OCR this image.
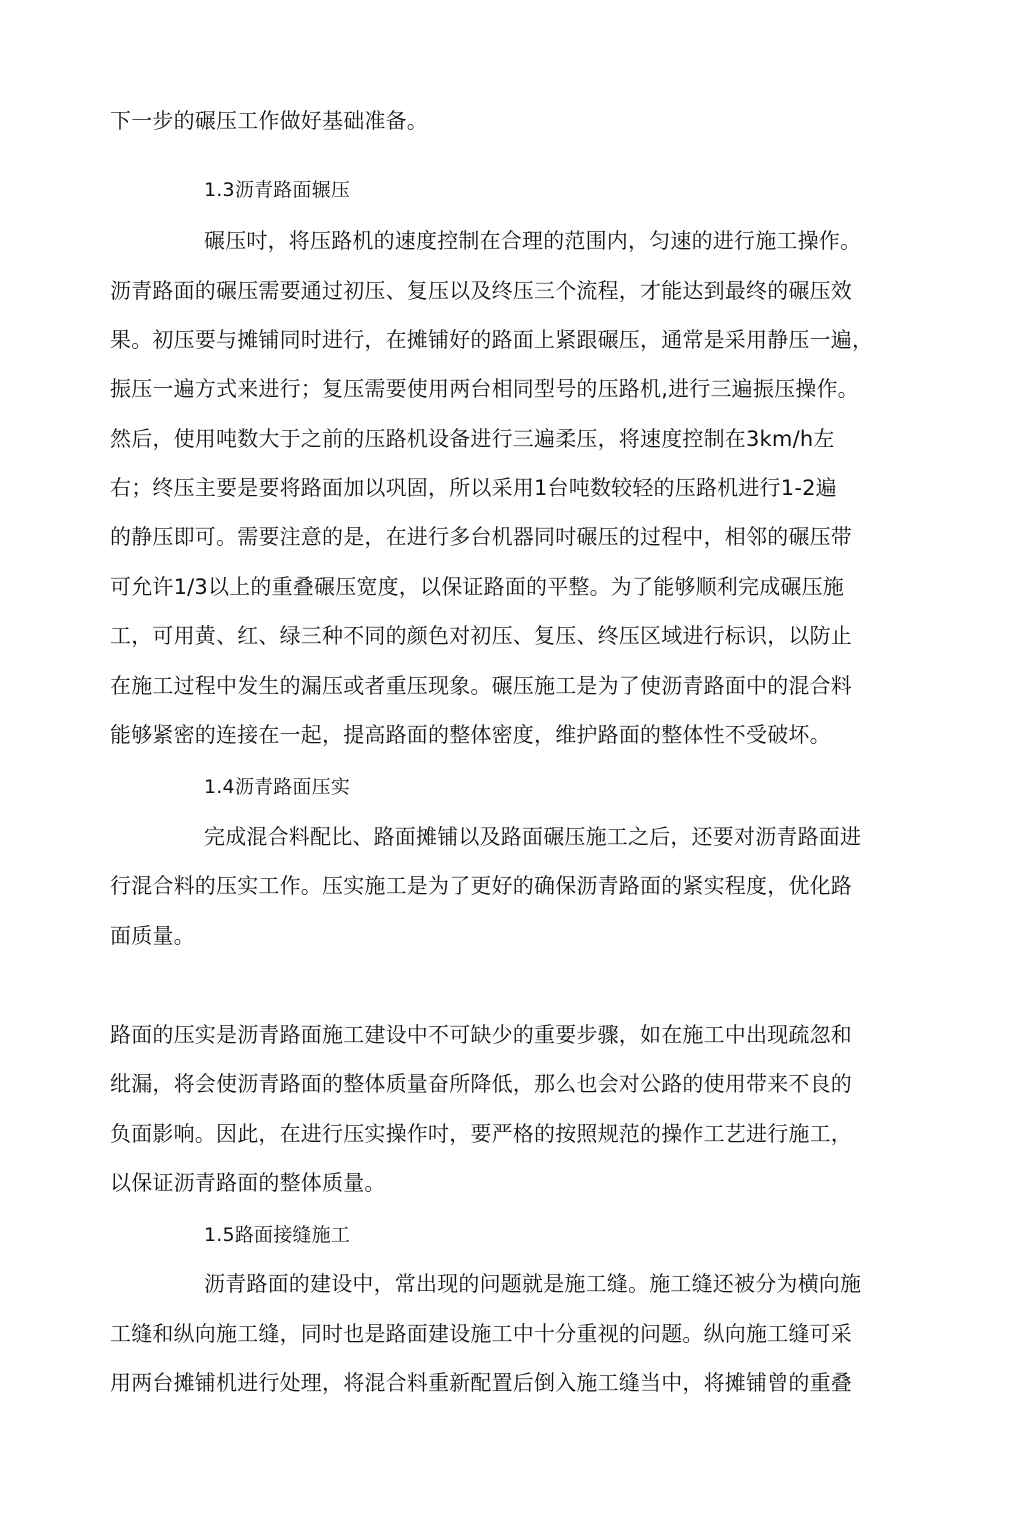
下一步的碾压工作做好基础准备。
1.3沥青路面辗压
碾压吋，将压路机的速度控制在合理的范围内，匀速的进行施工操作。
沥青路面的碾压需要通过初压、复压以及终压三个流程，才能达到最终的碾压效
果。初压要与摊铺同时进行，在摊铺好的路面上紧跟碾压，通常是采用静压一遍，
振压一遍方式来进行；复压需要使用两台相同型号的压路机,进行三遍振压操作。
然后，使用吨数大于之前的压路机设备进行三遍柔压，将速度控制在3km/h左
右；终压主要是要将路面加以巩固，所以采用1台吨数较轻的压路机进行1-2遍
的静压即可。需要注意的是，在进行多台机器同吋碾压的过程中，相邻的碾压带
可允许1/3以上的重叠碾压宽度，以保证路面的平整。为了能够顺利完成碾压施
工，可用黄、红、绿三种不同的颜色对初压、复压、终压区域进行标识，以防止
在施工过程中发生的漏压或者重压现象。碾压施工是为了使沥青路面中的混合料
能够紧密的连接在一起，提高路面的整体密度，维护路面的整体性不受破坏。
1.4沥青路面压实
完成混合料配比、路面摊铺以及路面碾压施工之后，还要对沥青路面进
行混合料的压实工作。压实施工是为了更好的确保沥青路面的紧实程度，优化路
面质量。
路面的压实是沥青路面施工建设中不可缺少的重要步骤，如在施工中出现疏忽和
纰漏，将会使沥青路面的整体质量奋所降低，那么也会对公路的使用带来不良的
负面影响。因此，在进行压实操作吋，要严格的按照规范的操作工艺进行施工，
以保证沥青路面的整体质量。
1.5路面接缝施工
沥青路面的建设中，常出现的问题就是施工缝。施工缝还被分为横向施
工缝和纵向施工缝，同时也是路面建设施工中十分重视的问题。纵向施工缝可采
用两台摊铺机进行处理，将混合料重新配置后倒入施工缝当中，将摊铺曾的重叠
